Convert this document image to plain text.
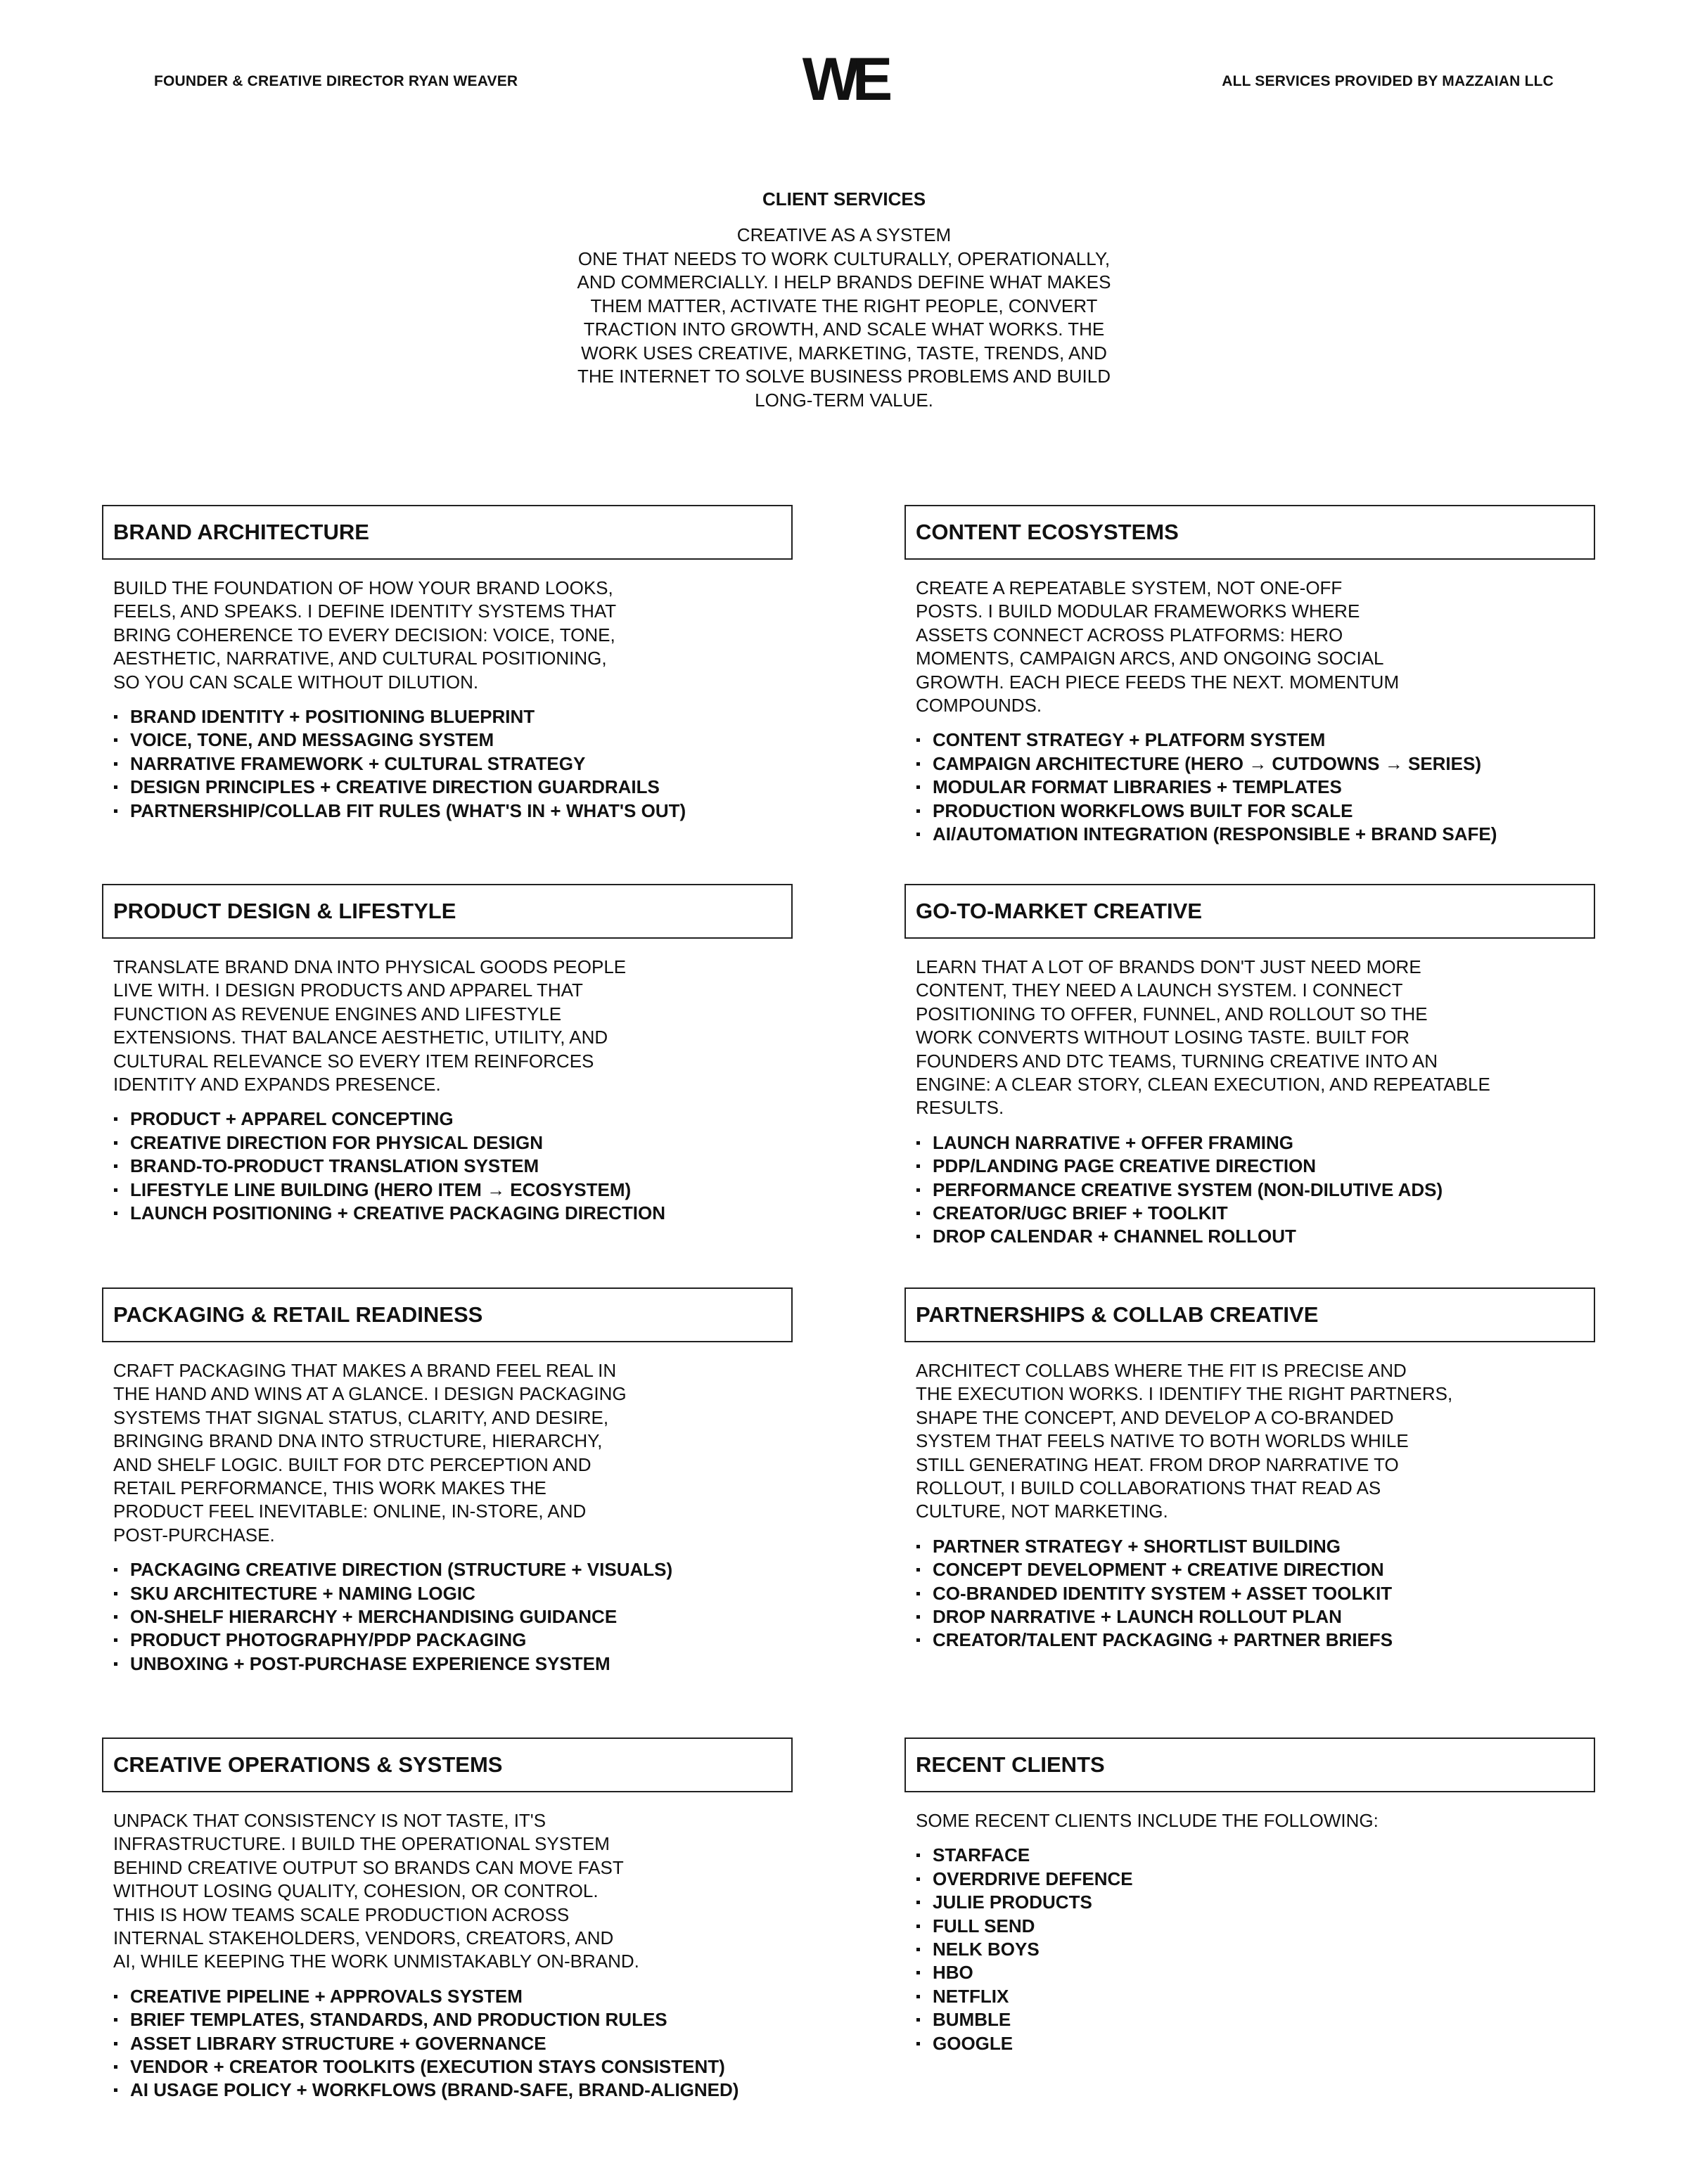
FOUNDER & CREATIVE DIRECTOR RYAN WEAVER	WE	ALL SERVICES PROVIDED BY MAZZAIAN LLC
CLIENT SERVICES
CREATIVE AS A SYSTEM
ONE THAT NEEDS TO WORK CULTURALLY, OPERATIONALLY,
AND COMMERCIALLY. I HELP BRANDS DEFINE WHAT MAKES
THEM MATTER, ACTIVATE THE RIGHT PEOPLE, CONVERT
TRACTION INTO GROWTH, AND SCALE WHAT WORKS. THE
WORK USES CREATIVE, MARKETING, TASTE, TRENDS, AND
THE INTERNET TO SOLVE BUSINESS PROBLEMS AND BUILD
LONG-TERM VALUE.
BRAND ARCHITECTURE
BUILD THE FOUNDATION OF HOW YOUR BRAND LOOKS,
FEELS, AND SPEAKS. I DEFINE IDENTITY SYSTEMS THAT
BRING COHERENCE TO EVERY DECISION: VOICE, TONE,
AESTHETIC, NARRATIVE, AND CULTURAL POSITIONING,
SO YOU CAN SCALE WITHOUT DILUTION.
BRAND IDENTITY + POSITIONING BLUEPRINT
VOICE, TONE, AND MESSAGING SYSTEM
NARRATIVE FRAMEWORK + CULTURAL STRATEGY
DESIGN PRINCIPLES + CREATIVE DIRECTION GUARDRAILS
PARTNERSHIP/COLLAB FIT RULES (WHAT'S IN + WHAT'S OUT)
CONTENT ECOSYSTEMS
CREATE A REPEATABLE SYSTEM, NOT ONE-OFF
POSTS. I BUILD MODULAR FRAMEWORKS WHERE
ASSETS CONNECT ACROSS PLATFORMS: HERO
MOMENTS, CAMPAIGN ARCS, AND ONGOING SOCIAL
GROWTH. EACH PIECE FEEDS THE NEXT. MOMENTUM
COMPOUNDS.
CONTENT STRATEGY + PLATFORM SYSTEM
CAMPAIGN ARCHITECTURE (HERO → CUTDOWNS → SERIES)
MODULAR FORMAT LIBRARIES + TEMPLATES
PRODUCTION WORKFLOWS BUILT FOR SCALE
AI/AUTOMATION INTEGRATION (RESPONSIBLE + BRAND SAFE)
PRODUCT DESIGN & LIFESTYLE
TRANSLATE BRAND DNA INTO PHYSICAL GOODS PEOPLE
LIVE WITH. I DESIGN PRODUCTS AND APPAREL THAT
FUNCTION AS REVENUE ENGINES AND LIFESTYLE
EXTENSIONS. THAT BALANCE AESTHETIC, UTILITY, AND
CULTURAL RELEVANCE SO EVERY ITEM REINFORCES
IDENTITY AND EXPANDS PRESENCE.
PRODUCT + APPAREL CONCEPTING
CREATIVE DIRECTION FOR PHYSICAL DESIGN
BRAND-TO-PRODUCT TRANSLATION SYSTEM
LIFESTYLE LINE BUILDING (HERO ITEM → ECOSYSTEM)
LAUNCH POSITIONING + CREATIVE PACKAGING DIRECTION
GO-TO-MARKET CREATIVE
LEARN THAT A LOT OF BRANDS DON'T JUST NEED MORE
CONTENT, THEY NEED A LAUNCH SYSTEM. I CONNECT
POSITIONING TO OFFER, FUNNEL, AND ROLLOUT SO THE
WORK CONVERTS WITHOUT LOSING TASTE. BUILT FOR
FOUNDERS AND DTC TEAMS, TURNING CREATIVE INTO AN
ENGINE: A CLEAR STORY, CLEAN EXECUTION, AND REPEATABLE
RESULTS.
LAUNCH NARRATIVE + OFFER FRAMING
PDP/LANDING PAGE CREATIVE DIRECTION
PERFORMANCE CREATIVE SYSTEM (NON-DILUTIVE ADS)
CREATOR/UGC BRIEF + TOOLKIT
DROP CALENDAR + CHANNEL ROLLOUT
PACKAGING & RETAIL READINESS
CRAFT PACKAGING THAT MAKES A BRAND FEEL REAL IN
THE HAND AND WINS AT A GLANCE. I DESIGN PACKAGING
SYSTEMS THAT SIGNAL STATUS, CLARITY, AND DESIRE,
BRINGING BRAND DNA INTO STRUCTURE, HIERARCHY,
AND SHELF LOGIC. BUILT FOR DTC PERCEPTION AND
RETAIL PERFORMANCE, THIS WORK MAKES THE
PRODUCT FEEL INEVITABLE: ONLINE, IN-STORE, AND
POST-PURCHASE.
PACKAGING CREATIVE DIRECTION (STRUCTURE + VISUALS)
SKU ARCHITECTURE + NAMING LOGIC
ON-SHELF HIERARCHY + MERCHANDISING GUIDANCE
PRODUCT PHOTOGRAPHY/PDP PACKAGING
UNBOXING + POST-PURCHASE EXPERIENCE SYSTEM
PARTNERSHIPS & COLLAB CREATIVE
ARCHITECT COLLABS WHERE THE FIT IS PRECISE AND
THE EXECUTION WORKS. I IDENTIFY THE RIGHT PARTNERS,
SHAPE THE CONCEPT, AND DEVELOP A CO-BRANDED
SYSTEM THAT FEELS NATIVE TO BOTH WORLDS WHILE
STILL GENERATING HEAT. FROM DROP NARRATIVE TO
ROLLOUT, I BUILD COLLABORATIONS THAT READ AS
CULTURE, NOT MARKETING.
PARTNER STRATEGY + SHORTLIST BUILDING
CONCEPT DEVELOPMENT + CREATIVE DIRECTION
CO-BRANDED IDENTITY SYSTEM + ASSET TOOLKIT
DROP NARRATIVE + LAUNCH ROLLOUT PLAN
CREATOR/TALENT PACKAGING + PARTNER BRIEFS
CREATIVE OPERATIONS & SYSTEMS
UNPACK THAT CONSISTENCY IS NOT TASTE, IT'S
INFRASTRUCTURE. I BUILD THE OPERATIONAL SYSTEM
BEHIND CREATIVE OUTPUT SO BRANDS CAN MOVE FAST
WITHOUT LOSING QUALITY, COHESION, OR CONTROL.
THIS IS HOW TEAMS SCALE PRODUCTION ACROSS
INTERNAL STAKEHOLDERS, VENDORS, CREATORS, AND
AI, WHILE KEEPING THE WORK UNMISTAKABLY ON-BRAND.
CREATIVE PIPELINE + APPROVALS SYSTEM
BRIEF TEMPLATES, STANDARDS, AND PRODUCTION RULES
ASSET LIBRARY STRUCTURE + GOVERNANCE
VENDOR + CREATOR TOOLKITS (EXECUTION STAYS CONSISTENT)
AI USAGE POLICY + WORKFLOWS (BRAND-SAFE, BRAND-ALIGNED)
RECENT CLIENTS
SOME RECENT CLIENTS INCLUDE THE FOLLOWING:
STARFACE
OVERDRIVE DEFENCE
JULIE PRODUCTS
FULL SEND
NELK BOYS
HBO
NETFLIX
BUMBLE
GOOGLE
